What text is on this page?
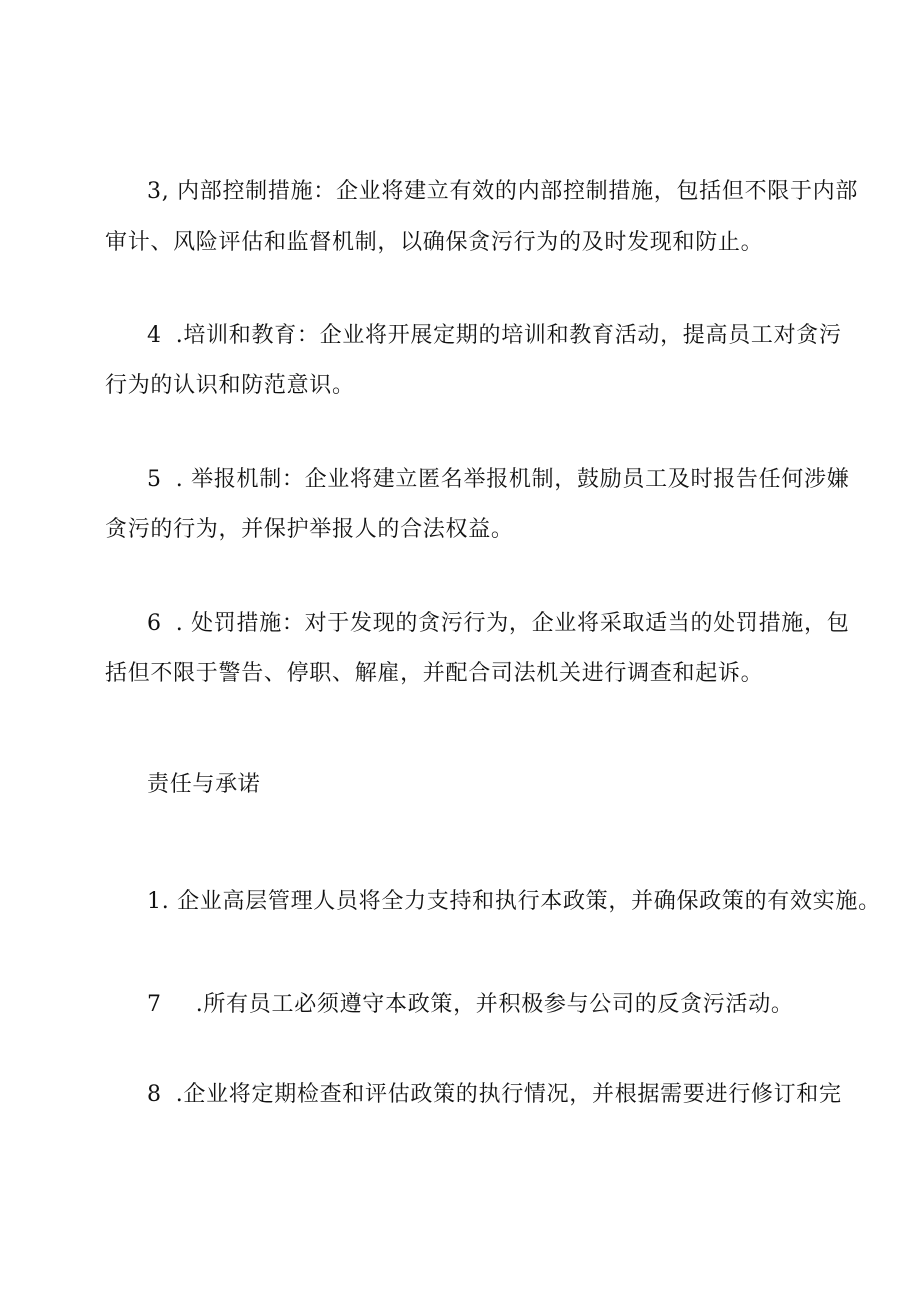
3, 内部控制措施：企业将建立有效的内部控制措施，包括但不限于内部

审计、风险评估和监督机制，以确保贪污行为的及时发现和防止。

4 .培训和教育：企业将开展定期的培训和教育活动，提高员工对贪污

行为的认识和防范意识。

5 . 举报机制：企业将建立匿名举报机制，鼓励员工及时报告任何涉嫌

贪污的行为，并保护举报人的合法权益。

6 . 处罚措施：对于发现的贪污行为，企业将采取适当的处罚措施，包

括但不限于警告、停职、解雇，并配合司法机关进行调查和起诉。

责任与承诺

1. 企业高层管理人员将全力支持和执行本政策，并确保政策的有效实施。

7 .所有员工必须遵守本政策，并积极参与公司的反贪污活动。

8 .企业将定期检查和评估政策的执行情况，并根据需要进行修订和完
